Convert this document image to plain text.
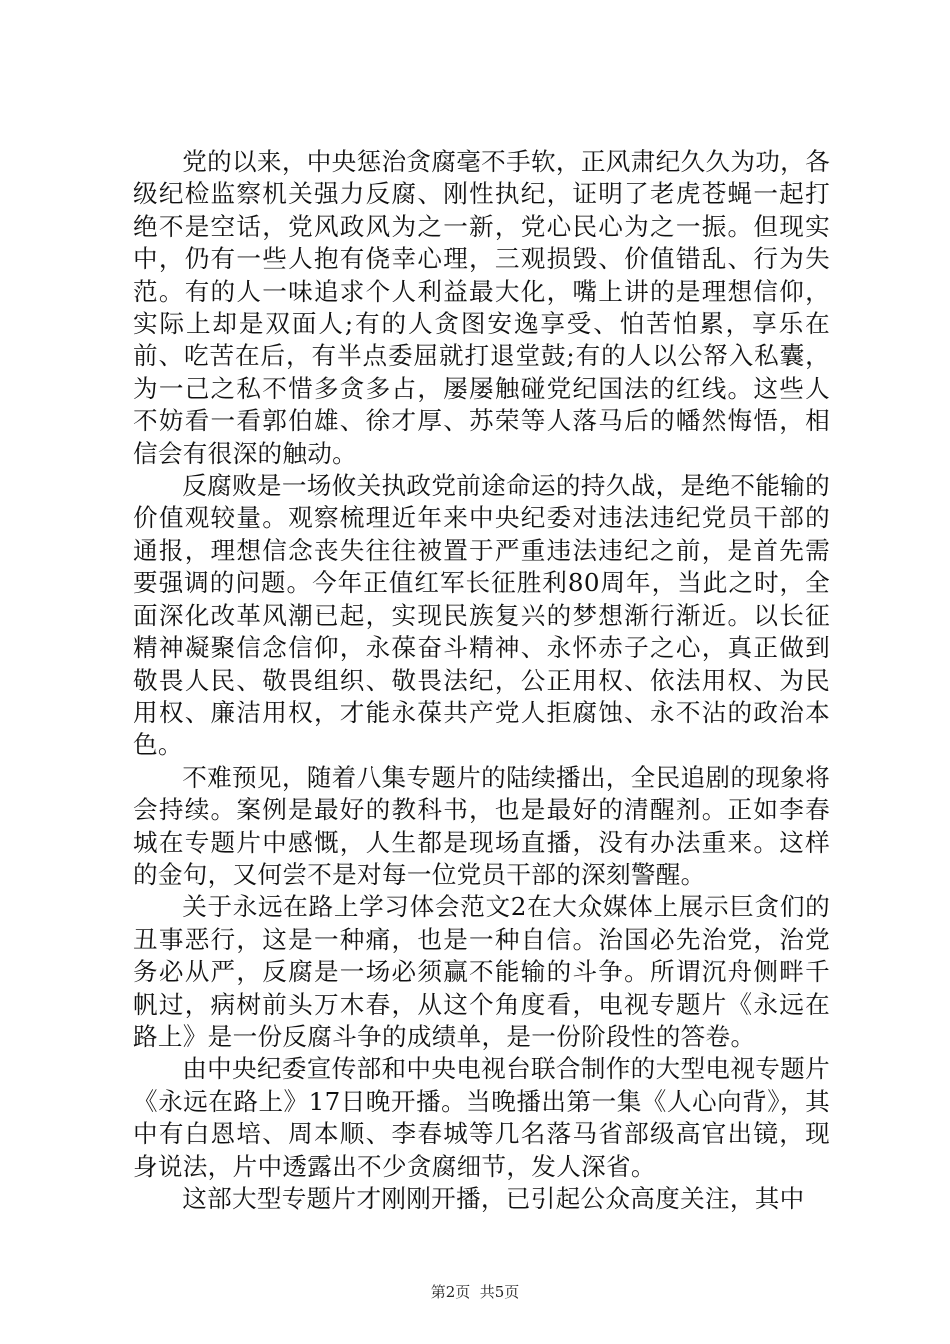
党的以来，中央惩治贪腐毫不手软，正风肃纪久久为功，各级纪检监察机关强力反腐、刚性执纪，证明了老虎苍蝇一起打绝不是空话，党风政风为之一新，党心民心为之一振。但现实中，仍有一些人抱有侥幸心理，三观损毁、价值错乱、行为失范。有的人一味追求个人利益最大化，嘴上讲的是理想信仰，实际上却是双面人;有的人贪图安逸享受、怕苦怕累，享乐在前、吃苦在后，有半点委屈就打退堂鼓;有的人以公帑入私囊，为一己之私不惜多贪多占，屡屡触碰党纪国法的红线。这些人不妨看一看郭伯雄、徐才厚、苏荣等人落马后的幡然悔悟，相信会有很深的触动。

反腐败是一场攸关执政党前途命运的持久战，是绝不能输的价值观较量。观察梳理近年来中央纪委对违法违纪党员干部的通报，理想信念丧失往往被置于严重违法违纪之前，是首先需要强调的问题。今年正值红军长征胜利80周年，当此之时，全面深化改革风潮已起，实现民族复兴的梦想渐行渐近。以长征精神凝聚信念信仰，永葆奋斗精神、永怀赤子之心，真正做到敬畏人民、敬畏组织、敬畏法纪，公正用权、依法用权、为民用权、廉洁用权，才能永葆共产党人拒腐蚀、永不沾的政治本色。

不难预见，随着八集专题片的陆续播出，全民追剧的现象将会持续。案例是最好的教科书，也是最好的清醒剂。正如李春城在专题片中感慨，人生都是现场直播，没有办法重来。这样的金句，又何尝不是对每一位党员干部的深刻警醒。

关于永远在路上学习体会范文2在大众媒体上展示巨贪们的丑事恶行，这是一种痛，也是一种自信。治国必先治党，治党务必从严，反腐是一场必须赢不能输的斗争。所谓沉舟侧畔千帆过，病树前头万木春，从这个角度看，电视专题片《永远在路上》是一份反腐斗争的成绩单，是一份阶段性的答卷。

由中央纪委宣传部和中央电视台联合制作的大型电视专题片《永远在路上》17日晚开播。当晚播出第一集《人心向背》，其中有白恩培、周本顺、李春城等几名落马省部级高官出镜，现身说法，片中透露出不少贪腐细节，发人深省。

这部大型专题片才刚刚开播，已引起公众高度关注，其中

第2页  共5页
